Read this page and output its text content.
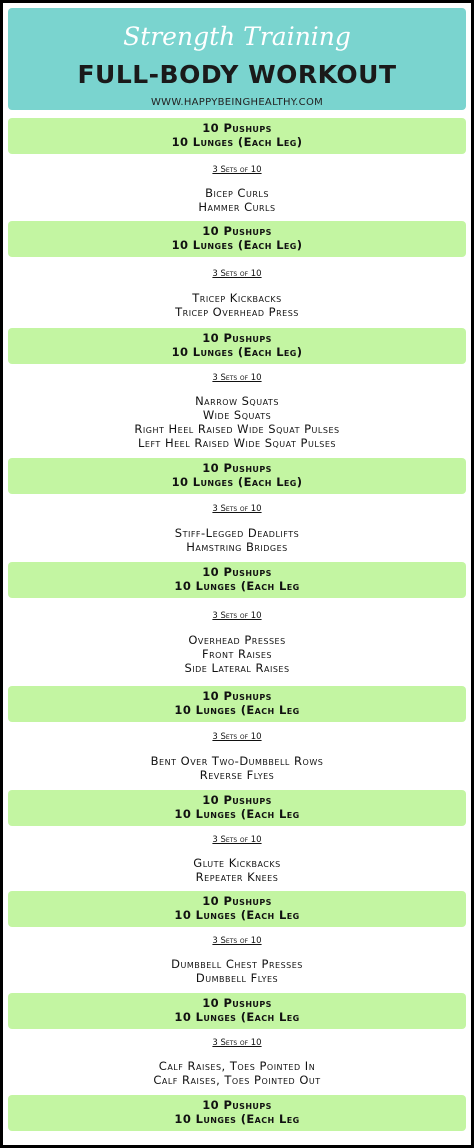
Strength Training
FULL-BODY WORKOUT
WWW.HAPPYBEINGHEALTHY.COM
10 Pushups
10 Lunges (Each Leg)
3 Sets of 10
Bicep Curls
Hammer Curls
10 Pushups
10 Lunges (Each Leg)
3 Sets of 10
Tricep Kickbacks
Tricep Overhead Press
10 Pushups
10 Lunges (Each Leg)
3 Sets of 10
Narrow Squats
Wide Squats
Right Heel Raised Wide Squat Pulses
Left Heel Raised Wide Squat Pulses
10 Pushups
10 Lunges (Each Leg)
3 Sets of 10
Stiff-Legged Deadlifts
Hamstring Bridges
10 Pushups
10 Lunges (Each Leg
3 Sets of 10
Overhead Presses
Front Raises
Side Lateral Raises
10 Pushups
10 Lunges (Each Leg
3 Sets of 10
Bent Over Two-Dumbbell Rows
Reverse Flyes
10 Pushups
10 Lunges (Each Leg
3 Sets of 10
Glute Kickbacks
Repeater Knees
10 Pushups
10 Lunges (Each Leg
3 Sets of 10
Dumbbell Chest Presses
Dumbbell Flyes
10 Pushups
10 Lunges (Each Leg
3 Sets of 10
Calf Raises, Toes Pointed In
Calf Raises, Toes Pointed Out
10 Pushups
10 Lunges (Each Leg
